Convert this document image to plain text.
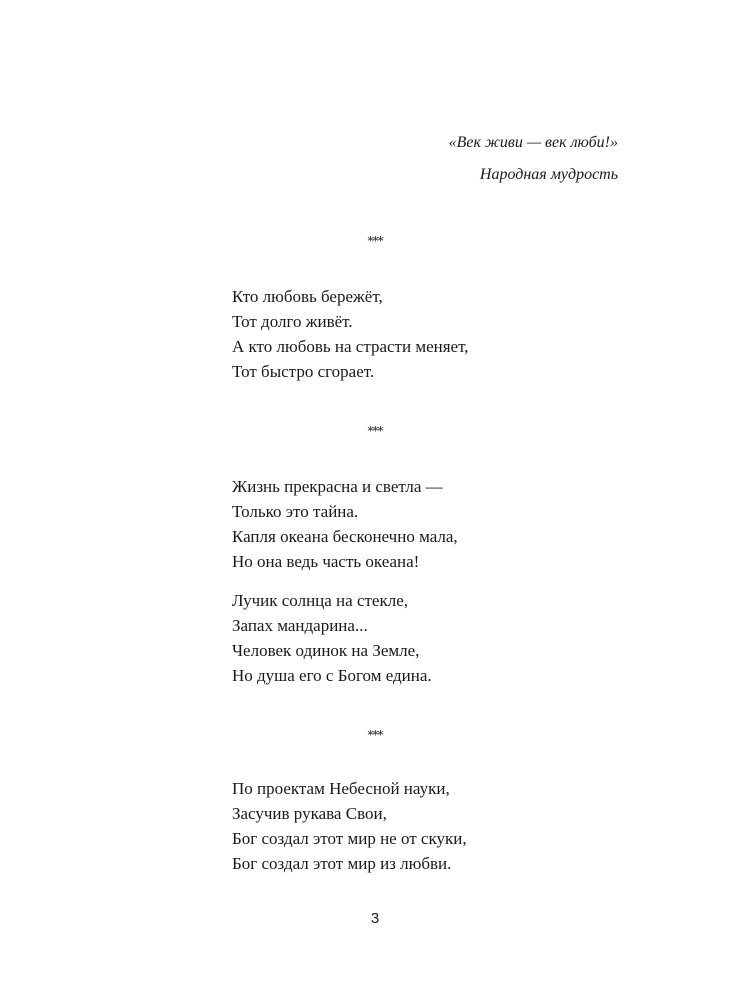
«Век живи — век люби!»
Народная мудрость
***
Кто любовь бережёт,
Тот долго живёт.
А кто любовь на страсти меняет,
Тот быстро сгорает.
***
Жизнь прекрасна и светла —
Только это тайна.
Капля океана бесконечно мала,
Но она ведь часть океана!
Лучик солнца на стекле,
Запах мандарина...
Человек одинок на Земле,
Но душа его с Богом едина.
***
По проектам Небесной науки,
Засучив рукава Свои,
Бог создал этот мир не от скуки,
Бог создал этот мир из любви.
3
